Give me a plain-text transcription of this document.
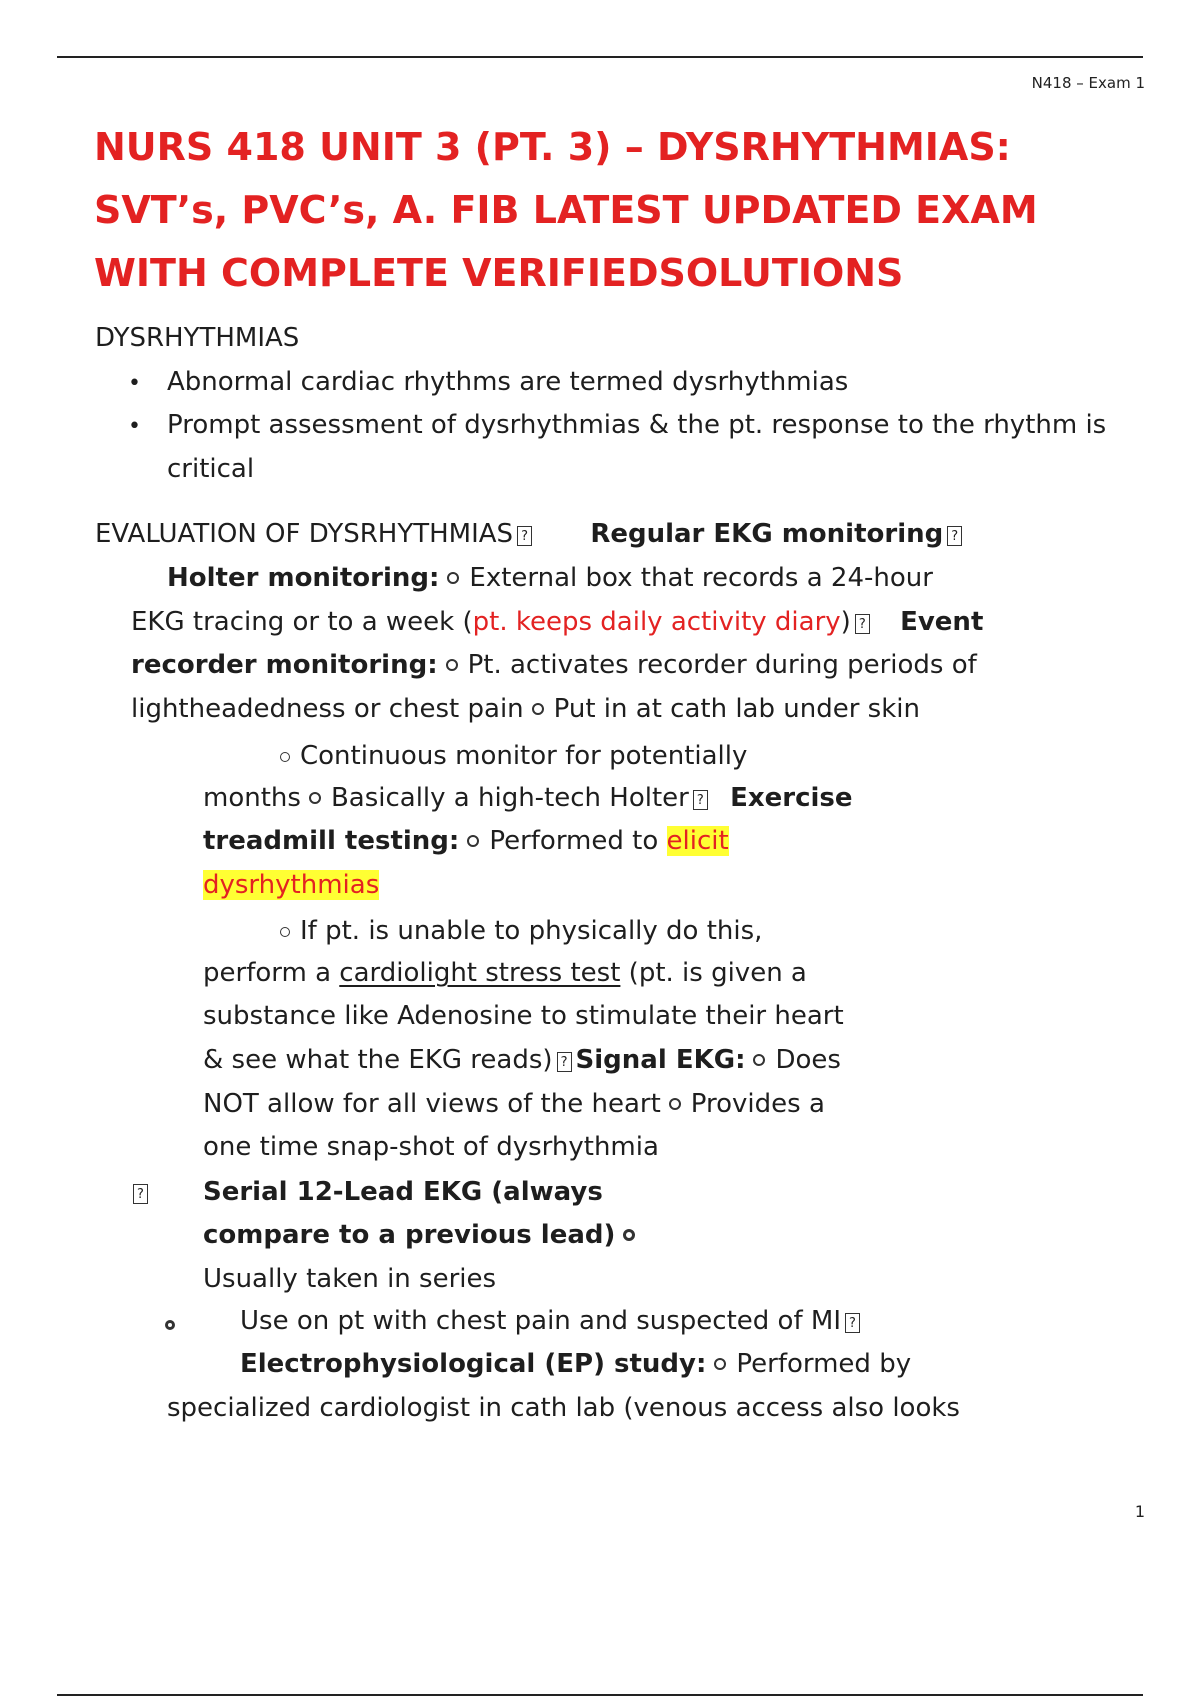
N418 – Exam 1
NURS 418 UNIT 3 (PT. 3) – DYSRHYTHMIAS: SVT’s, PVC’s, A. FIB LATEST UPDATED EXAM WITH COMPLETE VERIFIEDSOLUTIONS
DYSRHYTHMIAS
• Abnormal cardiac rhythms are termed dysrhythmias
• Prompt assessment of dysrhythmias & the pt. response to the rhythm is
critical
EVALUATION OF DYSRHYTHMIAS ? Regular EKG monitoring ?
Holter monitoring: External box that records a 24-hour
EKG tracing or to a week (pt. keeps daily activity diary) ? Event
recorder monitoring: Pt. activates recorder during periods of
lightheadedness or chest pain Put in at cath lab under skin
Continuous monitor for potentially
months Basically a high-tech Holter ? Exercise
treadmill testing: Performed to elicit
dysrhythmias
If pt. is unable to physically do this,
perform a cardiolight stress test (pt. is given a
substance like Adenosine to stimulate their heart
& see what the EKG reads) ? Signal EKG: Does
NOT allow for all views of the heart Provides a
one time snap-shot of dysrhythmia
?	Serial 12-Lead EKG (always
compare to a previous lead)
Usually taken in series
Use on pt with chest pain and suspected of MI ?
Electrophysiological (EP) study: Performed by
specialized cardiologist in cath lab (venous access also looks
1
